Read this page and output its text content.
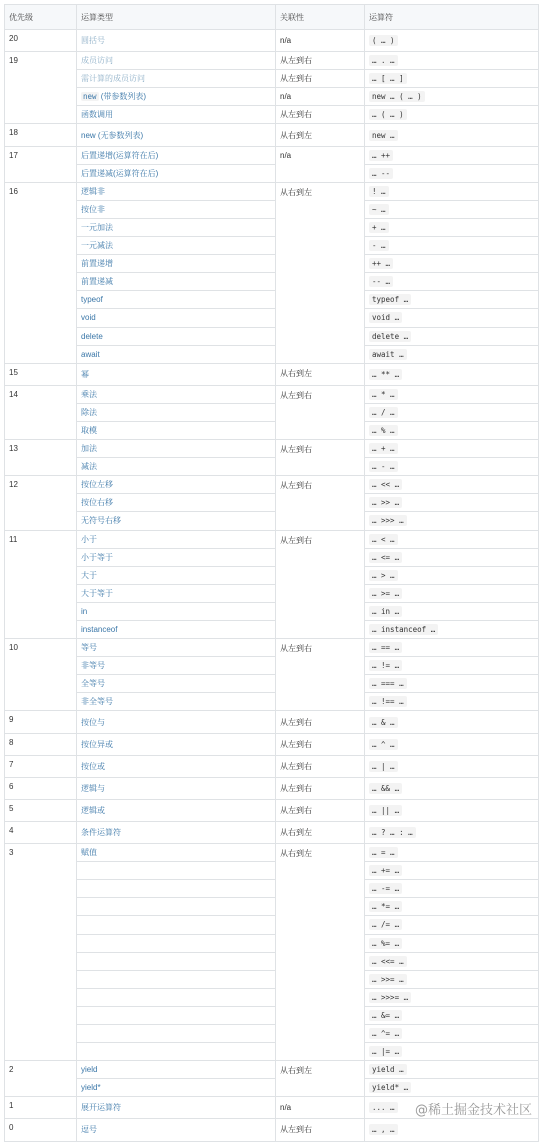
优先级	运算类型	关联性	运算符
20	圆括号	n/a	( … )
19	成员访问	从左到右	… . …
	需计算的成员访问	从左到右	… [ … ]
	new (带参数列表)	n/a	new … ( … )
	函数调用	从左到右	… ( … )
18	new (无参数列表)	从右到左	new …
17	后置递增(运算符在后)	n/a	… ++
	后置递减(运算符在后)		… --
16	逻辑非	从右到左	! …
	按位非		~ …
	一元加法		+ …
	一元减法		- …
	前置递增		++ …
	前置递减		-- …
	typeof		typeof …
	void		void …
	delete		delete …
	await		await …
15	幂	从右到左	… ** …
14	乘法	从左到右	… * …
	除法		… / …
	取模		… % …
13	加法	从左到右	… + …
	减法		… - …
12	按位左移	从左到右	… << …
	按位右移		… >> …
	无符号右移		… >>> …
11	小于	从左到右	… < …
	小于等于		… <= …
	大于		… > …
	大于等于		… >= …
	in		… in …
	instanceof		… instanceof …
10	等号	从左到右	… == …
	非等号		… != …
	全等号		… === …
	非全等号		… !== …
9	按位与	从左到右	… & …
8	按位异或	从左到右	… ^ …
7	按位或	从左到右	… | …
6	逻辑与	从左到右	… && …
5	逻辑或	从左到右	… || …
4	条件运算符	从右到左	… ? … : …
3	赋值	从右到左	… = …
			… += …
			… -= …
			… *= …
			… /= …
			… %= …
			… <<= …
			… >>= …
			… >>>= …
			… &= …
			… ^= …
			… |= …
2	yield	从右到左	yield …
	yield*		yield* …
1	展开运算符	n/a	... …
0	逗号	从左到右	… , …
@稀土掘金技术社区
